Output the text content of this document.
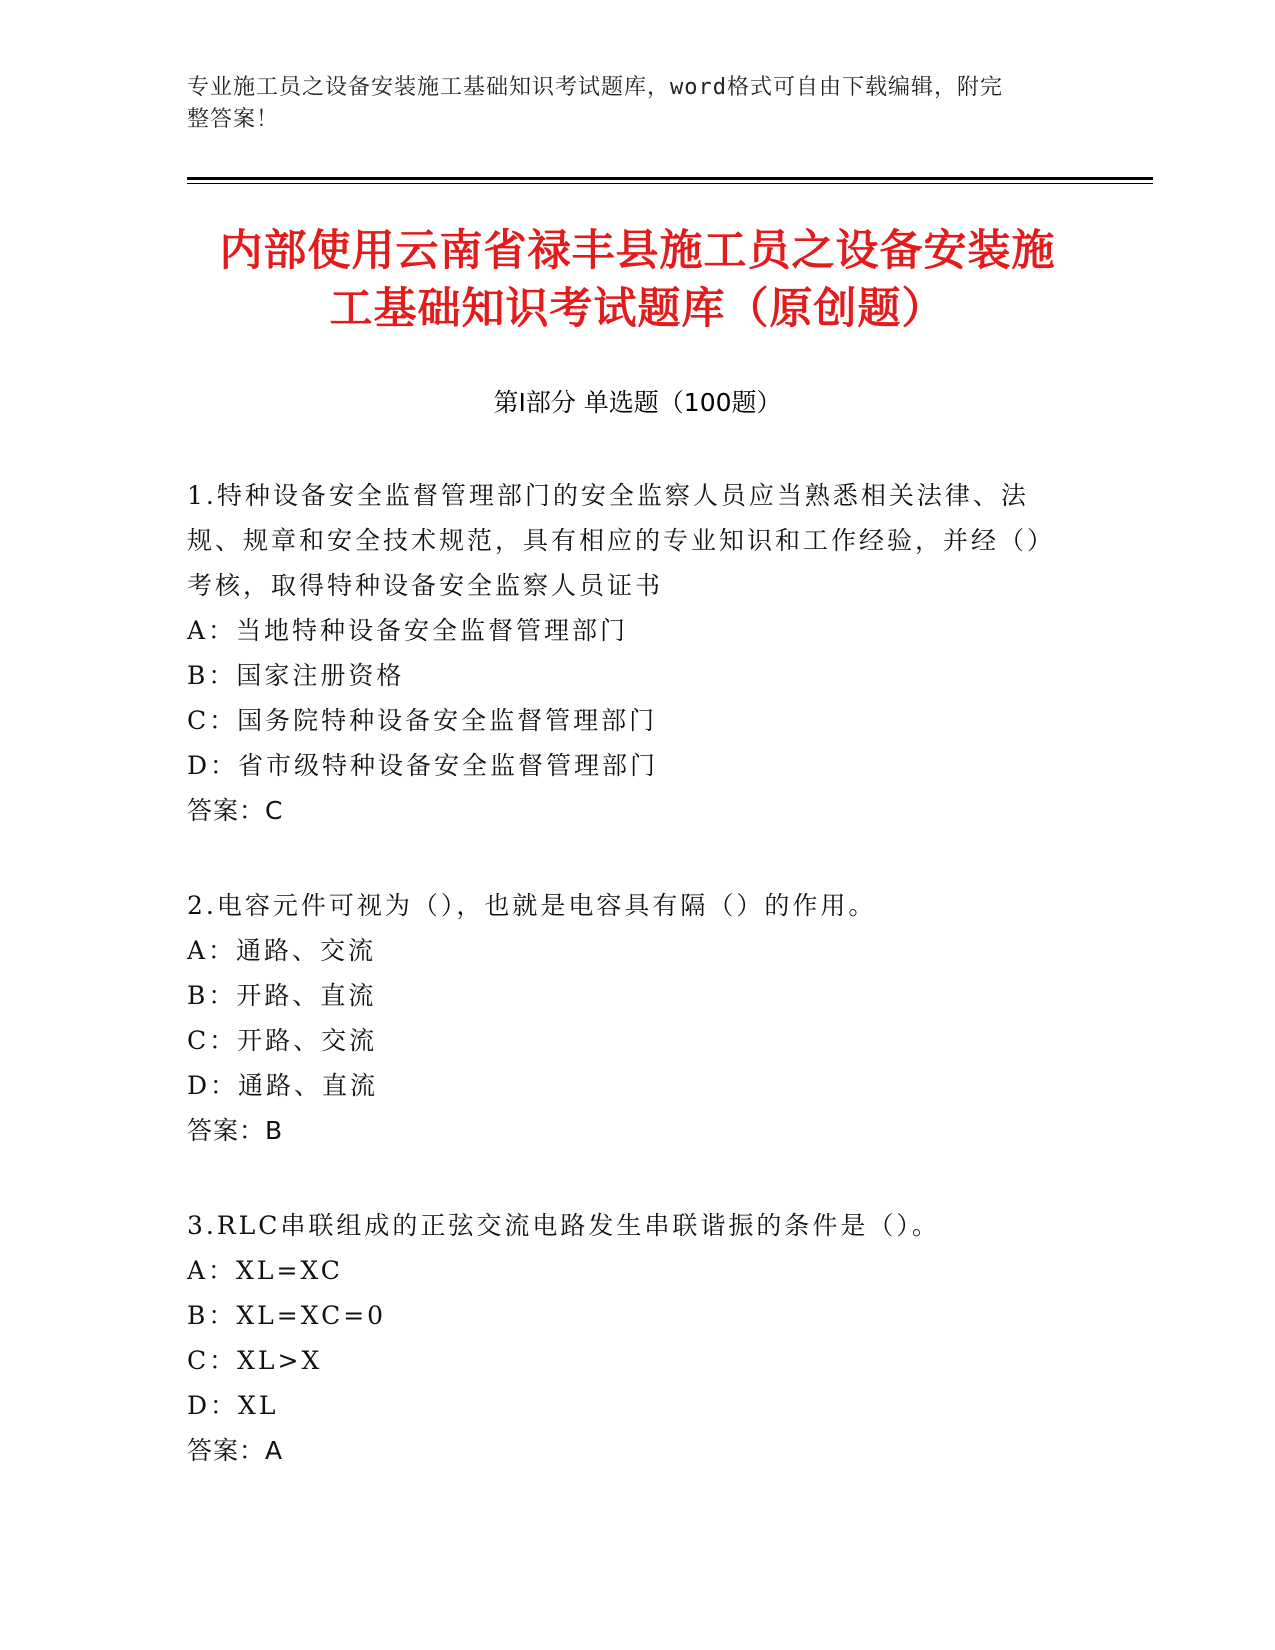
专业施工员之设备安装施工基础知识考试题库，word格式可自由下载编辑，附完
整答案！
内部使用云南省禄丰县施工员之设备安装施
工基础知识考试题库（原创题）
第I部分 单选题（100题）

1.特种设备安全监督管理部门的安全监察人员应当熟悉相关法律、法规、规章和安全技术规范，具有相应的专业知识和工作经验，并经（）考核，取得特种设备安全监察人员证书

A：当地特种设备安全监督管理部门

B：国家注册资格

C：国务院特种设备安全监督管理部门

D：省市级特种设备安全监督管理部门

答案：C

2.电容元件可视为（），也就是电容具有隔（）的作用。

A：通路、交流

B：开路、直流

C：开路、交流

D：通路、直流

答案：B

3.RLC串联组成的正弦交流电路发生串联谐振的条件是（）。

A：XL=XC

B：XL=XC=0

C：XL>X

D：XL

答案：A
